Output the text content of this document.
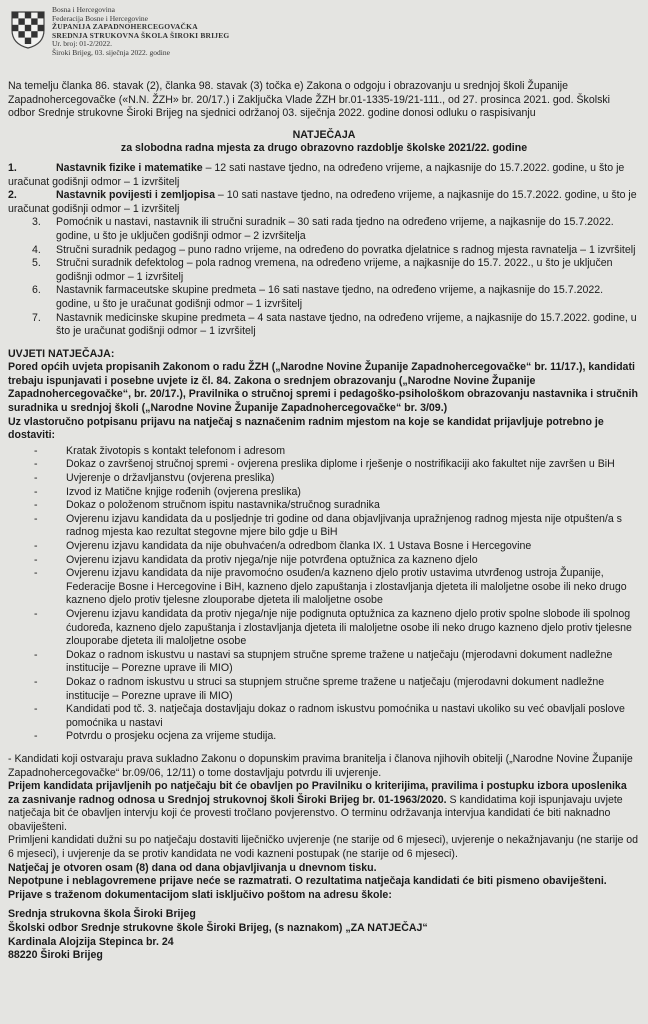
Bosna i Hercegovina
Federacija Bosne i Hercegovine
ŽUPANIJA ZAPADNOHERCEGOVAČKA
SREDNJA STRUKOVNA ŠKOLA ŠIROKI BRIJEG
Ur. broj: 01-2/2022.
Široki Brijeg, 03. siječnja 2022. godine

Na temelju članka 86. stavak (2), članka 98. stavak (3) točka e) Zakona o odgoju i obrazovanju u srednjoj školi Županije Zapadnohercegovačke («N.N. ŽZH» br. 20/17.) i Zaključka Vlade ŽZH br.01-1335-19/21-111., od 27. prosinca 2021. god. Školski odbor Srednje strukovne Široki Brijeg na sjednici održanoj 03. siječnja 2022. godine donosi odluku o raspisivanju

NATJEČAJA

za slobodna radna mjesta za drugo obrazovno razdoblje školske 2021/22. godine

1.	Nastavnik fizike i matematike – 12 sati nastave tjedno, na određeno vrijeme, a najkasnije do 15.7.2022. godine, u što je uračunat godišnji odmor – 1 izvršitelj
2.	Nastavnik povijesti i zemljopisa – 10 sati nastave tjedno, na određeno vrijeme, a najkasnije do 15.7.2022. godine, u što je uračunat godišnji odmor – 1 izvršitelj
3.	Pomoćnik u nastavi, nastavnik ili stručni suradnik – 30 sati rada tjedno na određeno vrijeme, a najkasnije do 15.7.2022. godine, u što je uključen godišnji odmor – 2 izvršitelja
4.	Stručni suradnik pedagog – puno radno vrijeme, na određeno do povratka djelatnice s radnog mjesta ravnatelja – 1 izvršitelj
5.	Stručni suradnik defektolog – pola radnog vremena, na određeno vrijeme, a najkasnije do 15.7. 2022., u što je uključen godišnji odmor – 1 izvršitelj
6.	Nastavnik farmaceutske skupine predmeta – 16 sati nastave tjedno, na određeno vrijeme, a najkasnije do 15.7.2022. godine, u što je uračunat godišnji odmor – 1 izvršitelj
7.	Nastavnik medicinske skupine predmeta – 4 sata nastave tjedno, na određeno vrijeme, a najkasnije do 15.7.2022. godine, u što je uračunat godišnji odmor – 1 izvršitelj

UVJETI NATJEČAJA:

Pored općih uvjeta propisanih Zakonom o radu ŽZH („Narodne Novine Županije Zapadnohercegovačke“ br. 11/17.), kandidati trebaju ispunjavati i posebne uvjete iz čl. 84. Zakona o srednjem obrazovanju („Narodne Novine Županije Zapadnohercegovačke“, br. 20/17.), Pravilnika o stručnoj spremi i pedagoško-psihološkom obrazovanju nastavnika i stručnih suradnika u srednjoj školi („Narodne Novine Županije Zapadnohercegovačke“ br. 3/09.)

Uz vlastoručno potpisanu prijavu na natječaj s naznačenim radnim mjestom na koje se kandidat prijavljuje potrebno je dostaviti:

- Kratak životopis s kontakt telefonom i adresom
- Dokaz o završenoj stručnoj spremi - ovjerena preslika diplome i rješenje o nostrifikaciji ako fakultet nije završen u BiH
- Uvjerenje o državljanstvu (ovjerena preslika)
- Izvod iz Matične knjige rođenih (ovjerena preslika)
- Dokaz o položenom stručnom ispitu nastavnika/stručnog suradnika
- Ovjerenu izjavu kandidata da u posljednje tri godine od dana objavljivanja upražnjenog radnog mjesta nije otpušten/a s radnog mjesta kao rezultat stegovne mjere bilo gdje u BiH
- Ovjerenu izjavu kandidata da nije obuhvaćen/a odredbom članka IX. 1 Ustava Bosne i Hercegovine
- Ovjerenu izjavu kandidata da protiv njega/nje nije potvrđena optužnica za kazneno djelo
- Ovjerenu izjavu kandidata da nije pravomoćno osuđen/a kazneno djelo protiv ustavima utvrđenog ustroja Županije, Federacije Bosne i Hercegovine i BiH, kazneno djelo zapuštanja i zlostavljanja djeteta ili maloljetne osobe ili neko drugo kazneno djelo protiv tjelesne zlouporabe djeteta ili maloljetne osobe
- Ovjerenu izjavu kandidata da protiv njega/nje nije podignuta optužnica za kazneno djelo protiv spolne slobode ili spolnog ćudoređa, kazneno djelo zapuštanja i zlostavljanja djeteta ili maloljetne osobe ili neko drugo kazneno djelo protiv tjelesne zlouporabe djeteta ili maloljetne osobe
- Dokaz o radnom iskustvu u nastavi sa stupnjem stručne spreme tražene u natječaju (mjerodavni dokument nadležne institucije – Porezne uprave ili MIO)
- Dokaz o radnom iskustvu u struci sa stupnjem stručne spreme tražene u natječaju (mjerodavni dokument nadležne institucije – Porezne uprave ili MIO)
- Kandidati pod tč. 3. natječaja dostavljaju dokaz o radnom iskustvu pomoćnika u nastavi ukoliko su već obavljali poslove pomoćnika u nastavi
- Potvrdu o prosjeku ocjena za vrijeme studija.

- Kandidati koji ostvaraju prava sukladno Zakonu o dopunskim pravima branitelja i članova njihovih obitelji („Narodne Novine Županije Zapadnohercegovačke“ br.09/06, 12/11) o tome dostavljaju potvrdu ili uvjerenje.

Prijem kandidata prijavljenih po natječaju bit će obavljen po Pravilniku o kriterijima, pravilima i postupku izbora uposlenika za zasnivanje radnog odnosa u Srednjoj strukovnoj školi Široki Brijeg br. 01-1963/2020. S kandidatima koji ispunjavaju uvjete natječaja bit će obavljen intervju koji će provesti tročlano povjerenstvo. O terminu održavanja intervjua kandidati će biti naknadno obaviješteni.

Primljeni kandidati dužni su po natječaju dostaviti liječničko uvjerenje (ne starije od 6 mjeseci), uvjerenje o nekažnjavanju (ne starije od 6 mjeseci), i uvjerenje da se protiv kandidata ne vodi kazneni postupak (ne starije od 6 mjeseci).

Natječaj je otvoren osam (8) dana od dana objavljivanja u dnevnom tisku.

Nepotpune i neblagovremene prijave neće se razmatrati. O rezultatima natječaja kandidati će biti pismeno obaviješteni.

Prijave s traženom dokumentacijom slati isključivo poštom na adresu škole:

Srednja strukovna škola Široki Brijeg

Školski odbor Srednje strukovne škole Široki Brijeg, (s naznakom) „ZA NATJEČAJ“

Kardinala Alojzija Stepinca br. 24

88220 Široki Brijeg
